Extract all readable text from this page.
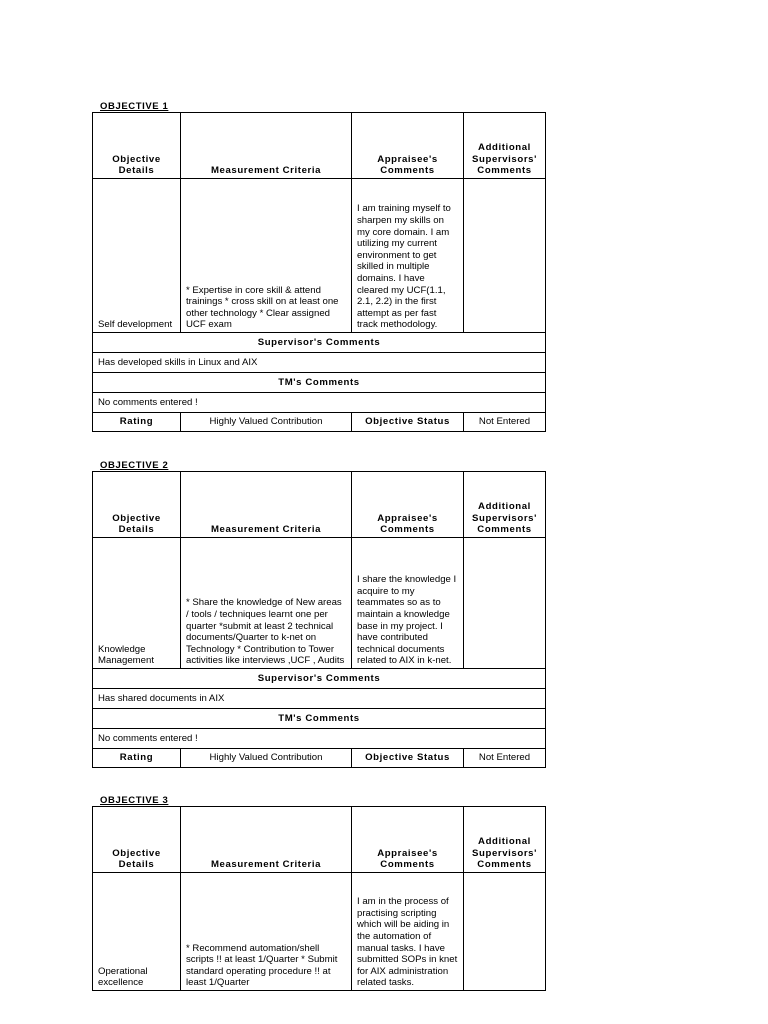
OBJECTIVE 1
Objective Details	Measurement Criteria	Appraisee's Comments	Additional Supervisors' Comments
Self development	* Expertise in core skill & attend trainings * cross skill on at least one other technology * Clear assigned UCF exam	I am training myself to sharpen my skills on my core domain. I am utilizing my current environment to get skilled in multiple domains. I have cleared my UCF(1.1, 2.1, 2.2) in the first attempt as per fast track methodology.	
Supervisor's Comments			
Has developed skills in Linux and AIX			
TM's Comments			
No comments entered !			
Rating	Highly Valued Contribution	Objective Status	Not Entered
OBJECTIVE 2
Objective Details	Measurement Criteria	Appraisee's Comments	Additional Supervisors' Comments
Knowledge Management	* Share the knowledge of New areas / tools / techniques learnt one per quarter *submit at least 2 technical documents/Quarter to k-net on Technology * Contribution to Tower activities like interviews ,UCF , Audits	I share the knowledge I acquire to my teammates so as to maintain a knowledge base in my project. I have contributed technical documents related to AIX in k-net.	
Supervisor's Comments			
Has shared documents in AIX			
TM's Comments			
No comments entered !			
Rating	Highly Valued Contribution	Objective Status	Not Entered
OBJECTIVE 3
Objective Details	Measurement Criteria	Appraisee's Comments	Additional Supervisors' Comments
Operational excellence	* Recommend automation/shell scripts !! at least 1/Quarter * Submit standard operating procedure !! at least 1/Quarter	I am in the process of practising scripting which will be aiding in the automation of manual tasks. I have submitted SOPs in knet for AIX administration related tasks.	
